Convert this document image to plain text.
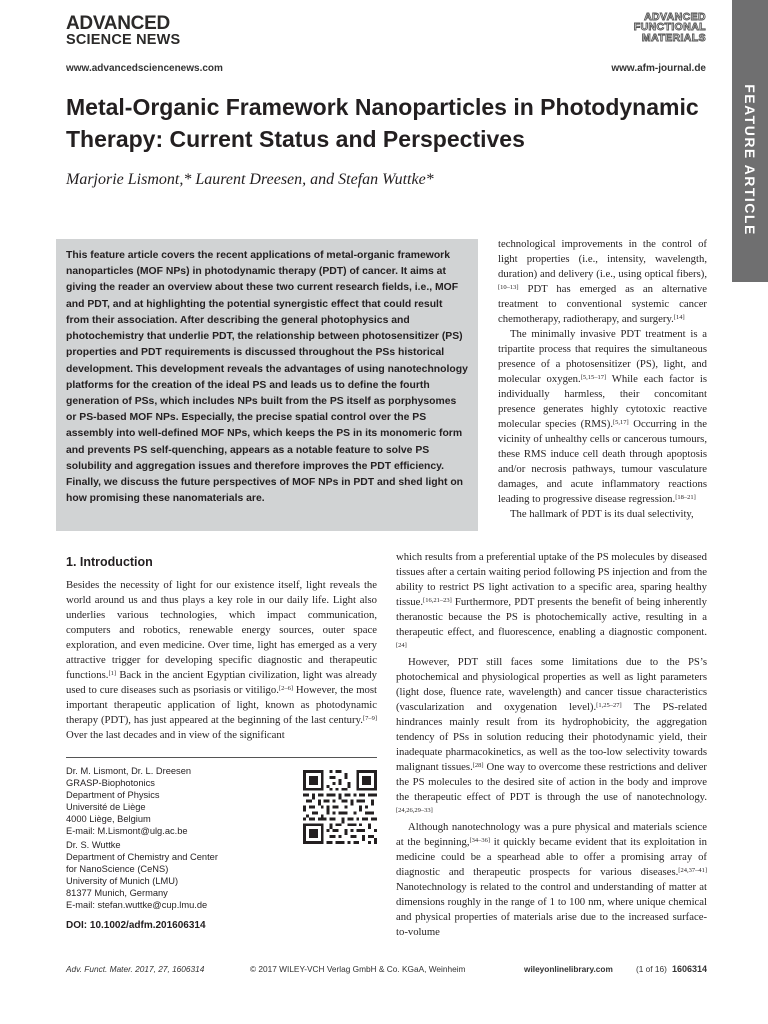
ADVANCED
SCIENCE NEWS
www.advancedsciencenews.com
ADVANCED
FUNCTIONAL
MATERIALS
www.afm-journal.de
FEATURE ARTICLE
Metal-Organic Framework Nanoparticles in Photodynamic Therapy: Current Status and Perspectives
Marjorie Lismont,* Laurent Dreesen, and Stefan Wuttke*
This feature article covers the recent applications of metal-organic framework nanoparticles (MOF NPs) in photodynamic therapy (PDT) of cancer. It aims at giving the reader an overview about these two current research fields, i.e., MOF and PDT, and at highlighting the potential synergistic effect that could result from their association. After describing the general photophysics and photochemistry that underlie PDT, the relationship between photosensitizer (PS) properties and PDT requirements is discussed throughout the PSs historical development. This development reveals the advantages of using nanotechnology platforms for the creation of the ideal PS and leads us to define the fourth generation of PSs, which includes NPs built from the PS itself as porphysomes or PS-based MOF NPs. Especially, the precise spatial control over the PS assembly into well-defined MOF NPs, which keeps the PS in its monomeric form and prevents PS self-quenching, appears as a notable feature to solve PS solubility and aggregation issues and therefore improves the PDT efficiency. Finally, we discuss the future perspectives of MOF NPs in PDT and shed light on how promising these nanomaterials are.

technological improvements in the control of light properties (i.e., intensity, wavelength, duration) and delivery (i.e., using optical fibers),[10–13] PDT has emerged as an alternative treatment to conventional systemic cancer chemotherapy, radiotherapy, and surgery.[14]

The minimally invasive PDT treatment is a tripartite process that requires the simultaneous presence of a photosensitizer (PS), light, and molecular oxygen.[5,15–17] While each factor is individually harmless, their concomitant presence generates highly cytotoxic reactive molecular species (RMS).[5,17] Occurring in the vicinity of unhealthy cells or cancerous tumours, these RMS induce cell death through apoptosis and/or necrosis pathways, tumour vasculature damages, and acute inflammatory reactions leading to progressive disease regression.[18–21]

The hallmark of PDT is its dual selectivity,

which results from a preferential uptake of the PS molecules by diseased tissues after a certain waiting period following PS injection and from the ability to restrict PS light activation to a specific area, sparing healthy tissue.[16,21–23] Furthermore, PDT presents the benefit of being inherently theranostic because the PS is photochemically active, resulting in a therapeutic effect, and fluorescence, enabling a diagnostic component.[24]

However, PDT still faces some limitations due to the PS’s photochemical and physiological properties as well as light parameters (light dose, fluence rate, wavelength) and cancer tissue characteristics (vascularization and oxygenation level).[1,25–27] The PS-related hindrances mainly result from its hydrophobicity, the aggregation tendency of PSs in solution reducing their photodynamic yield, their inadequate pharmacokinetics, as well as the too-low selectivity towards malignant tissues.[28] One way to overcome these restrictions and deliver the PS molecules to the desired site of action in the body and improve the therapeutic effect of PDT is through the use of nanotechnology.[24,26,29–33]

Although nanotechnology was a pure physical and materials science at the beginning,[34–36] it quickly became evident that its exploitation in medicine could be a spearhead able to offer a promising array of diagnostic and therapeutic prospects for various diseases.[24,37–41] Nanotechnology is related to the control and understanding of matter at dimensions roughly in the range of 1 to 100 nm, where unique chemical and physical properties of materials arise due to the increased surface-to-volume

1. Introduction

Besides the necessity of light for our existence itself, light reveals the world around us and thus plays a key role in our daily life. Light also underlies various technologies, which impact communication, computers and robotics, renewable energy sources, outer space exploration, and even medicine. Over time, light has emerged as a very attractive trigger for developing specific diagnostic and therapeutic functions.[1] Back in the ancient Egyptian civilization, light was already used to cure diseases such as psoriasis or vitiligo.[2–6] However, the most important therapeutic application of light, known as photodynamic therapy (PDT), has just appeared at the beginning of the last century.[7–9] Over the last decades and in view of the significant

Dr. M. Lismont, Dr. L. Dreesen
GRASP-Biophotonics
Department of Physics
Université de Liège
4000 Liège, Belgium
E-mail: M.Lismont@ulg.ac.be
Dr. S. Wuttke
Department of Chemistry and Center
for NanoScience (CeNS)
University of Munich (LMU)
81377 Munich, Germany
E-mail: stefan.wuttke@cup.lmu.de
DOI: 10.1002/adfm.201606314
Adv. Funct. Mater. 2017, 27, 1606314	© 2017 WILEY-VCH Verlag GmbH & Co. KGaA, Weinheim	wileyonlinelibrary.com	(1 of 16) 1606314
